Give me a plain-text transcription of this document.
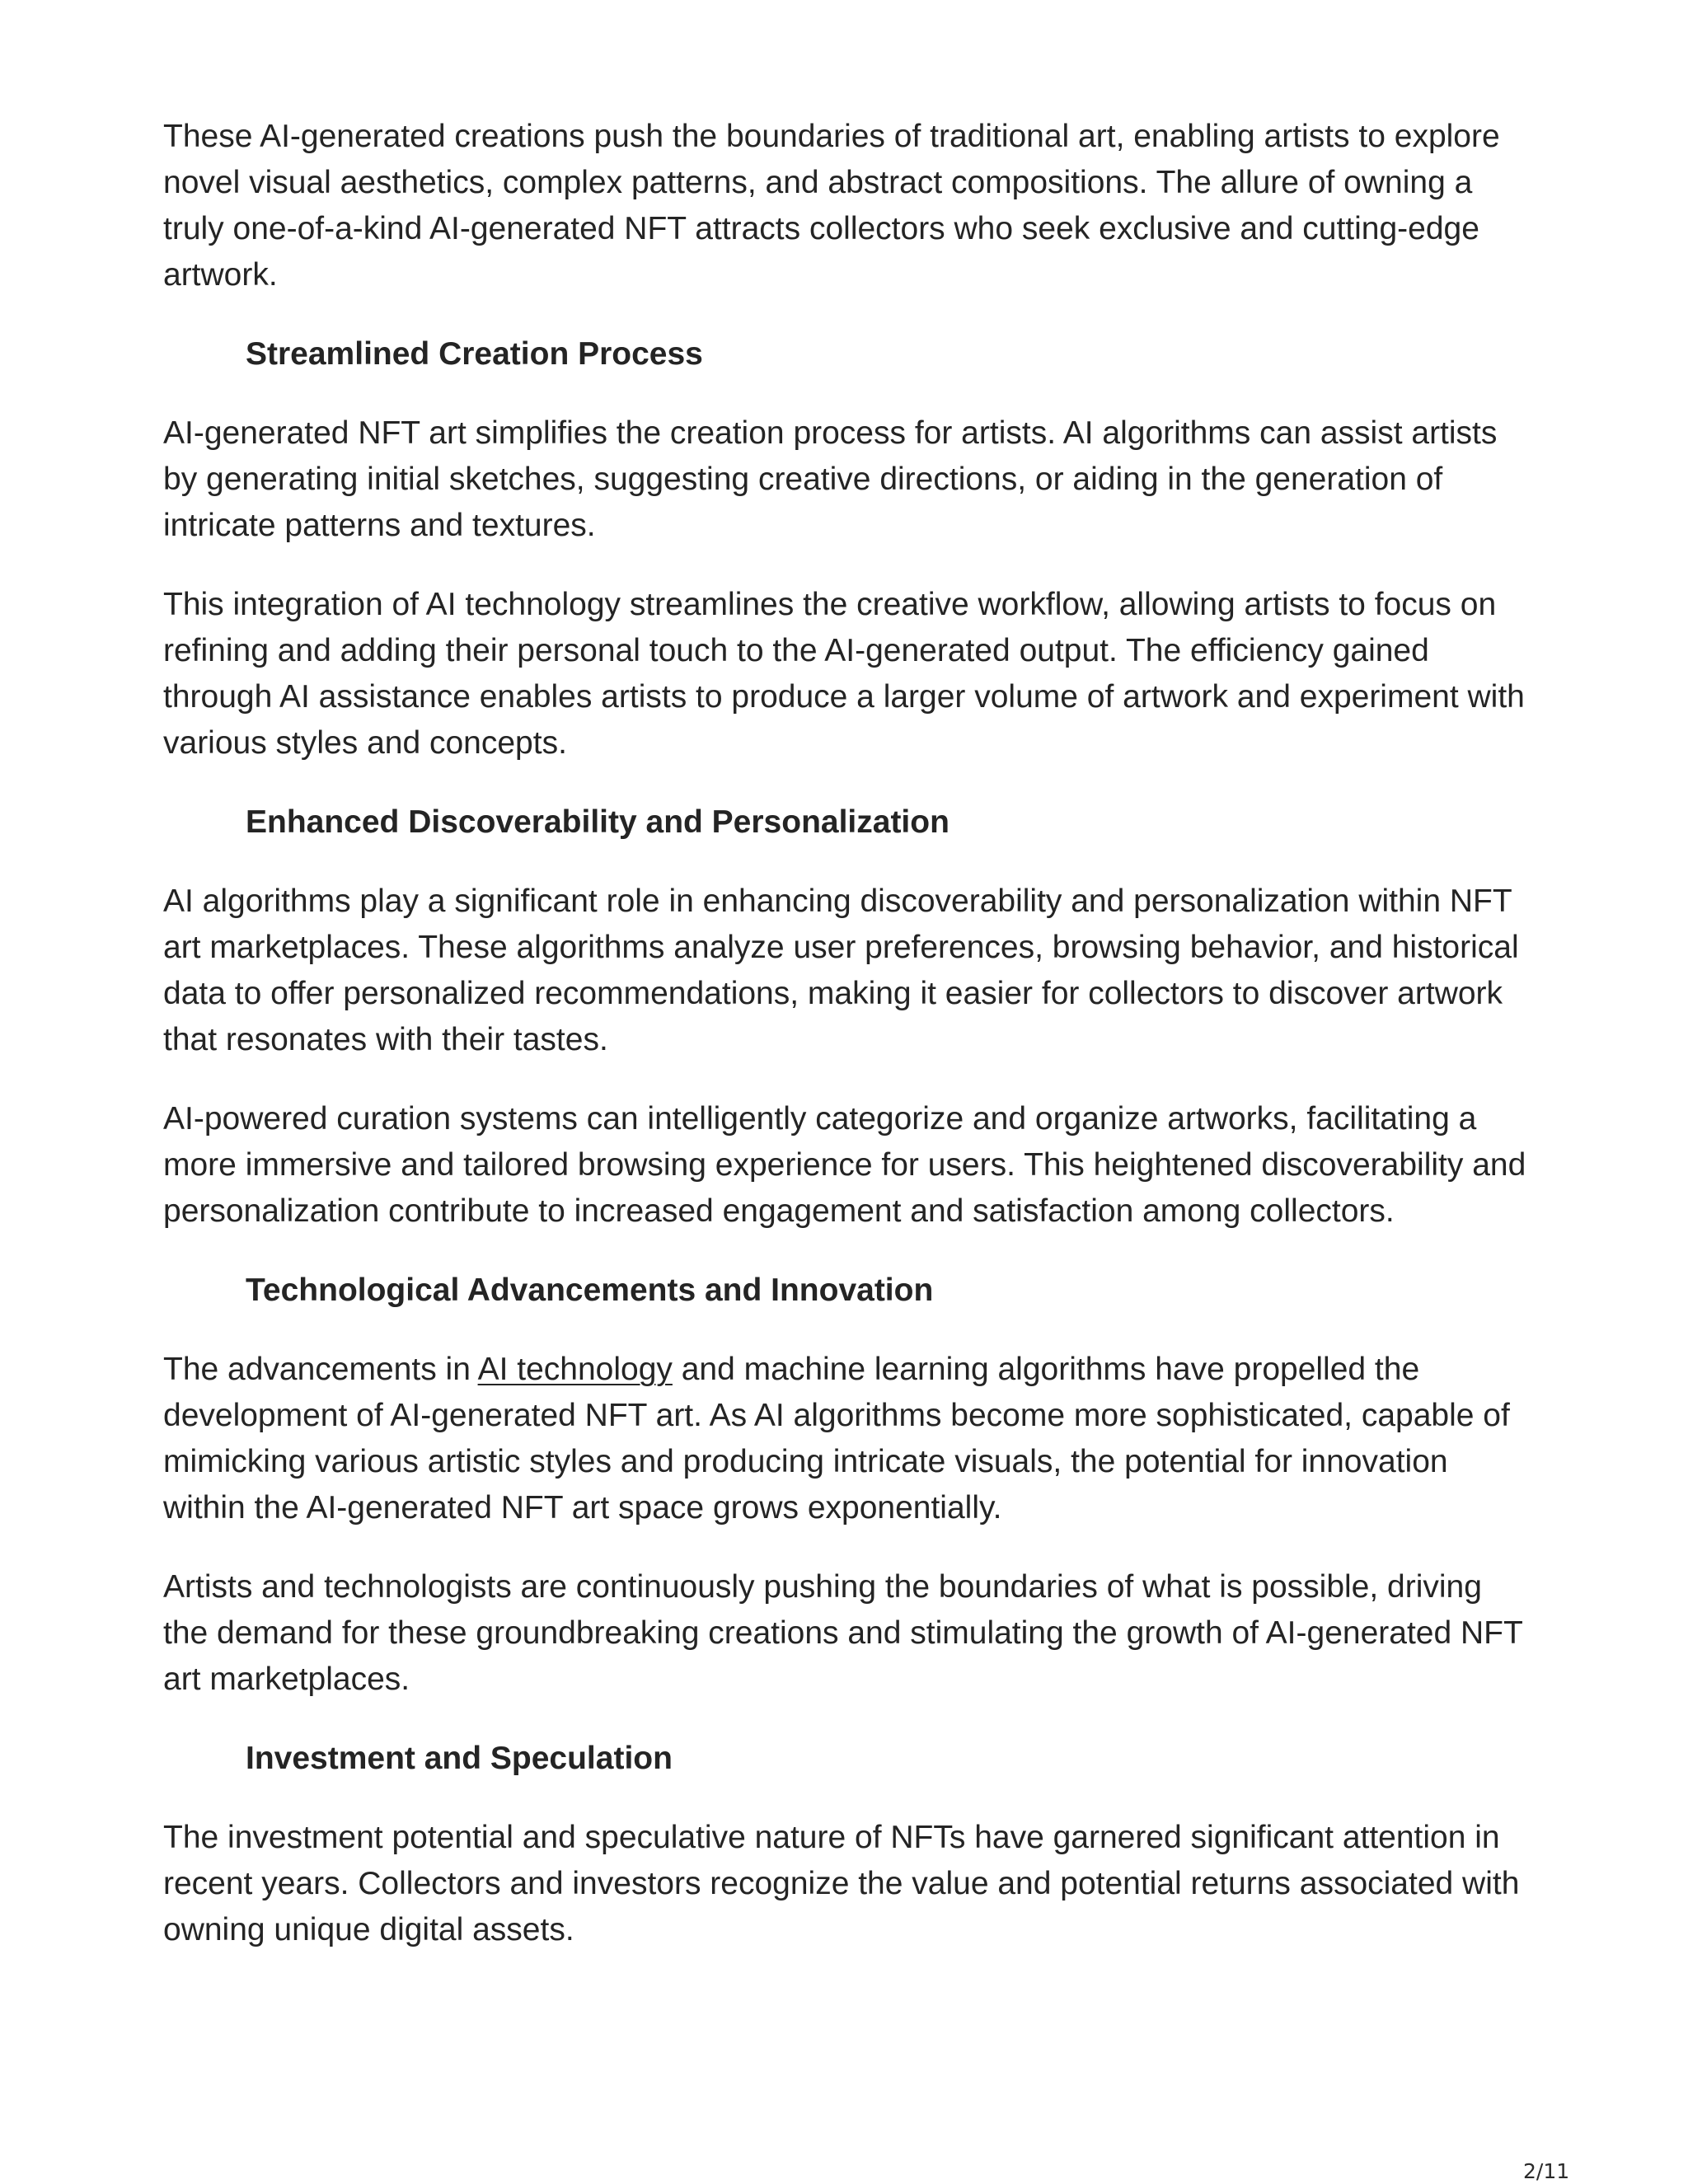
These AI-generated creations push the boundaries of traditional art, enabling artists to explore novel visual aesthetics, complex patterns, and abstract compositions. The allure of owning a truly one-of-a-kind AI-generated NFT attracts collectors who seek exclusive and cutting-edge artwork.

Streamlined Creation Process

AI-generated NFT art simplifies the creation process for artists. AI algorithms can assist artists by generating initial sketches, suggesting creative directions, or aiding in the generation of intricate patterns and textures.

This integration of AI technology streamlines the creative workflow, allowing artists to focus on refining and adding their personal touch to the AI-generated output. The efficiency gained through AI assistance enables artists to produce a larger volume of artwork and experiment with various styles and concepts.

Enhanced Discoverability and Personalization

AI algorithms play a significant role in enhancing discoverability and personalization within NFT art marketplaces. These algorithms analyze user preferences, browsing behavior, and historical data to offer personalized recommendations, making it easier for collectors to discover artwork that resonates with their tastes.

AI-powered curation systems can intelligently categorize and organize artworks, facilitating a more immersive and tailored browsing experience for users. This heightened discoverability and personalization contribute to increased engagement and satisfaction among collectors.

Technological Advancements and Innovation

The advancements in AI technology and machine learning algorithms have propelled the development of AI-generated NFT art. As AI algorithms become more sophisticated, capable of mimicking various artistic styles and producing intricate visuals, the potential for innovation within the AI-generated NFT art space grows exponentially.

Artists and technologists are continuously pushing the boundaries of what is possible, driving the demand for these groundbreaking creations and stimulating the growth of AI-generated NFT art marketplaces.

Investment and Speculation

The investment potential and speculative nature of NFTs have garnered significant attention in recent years. Collectors and investors recognize the value and potential returns associated with owning unique digital assets.

2/11
